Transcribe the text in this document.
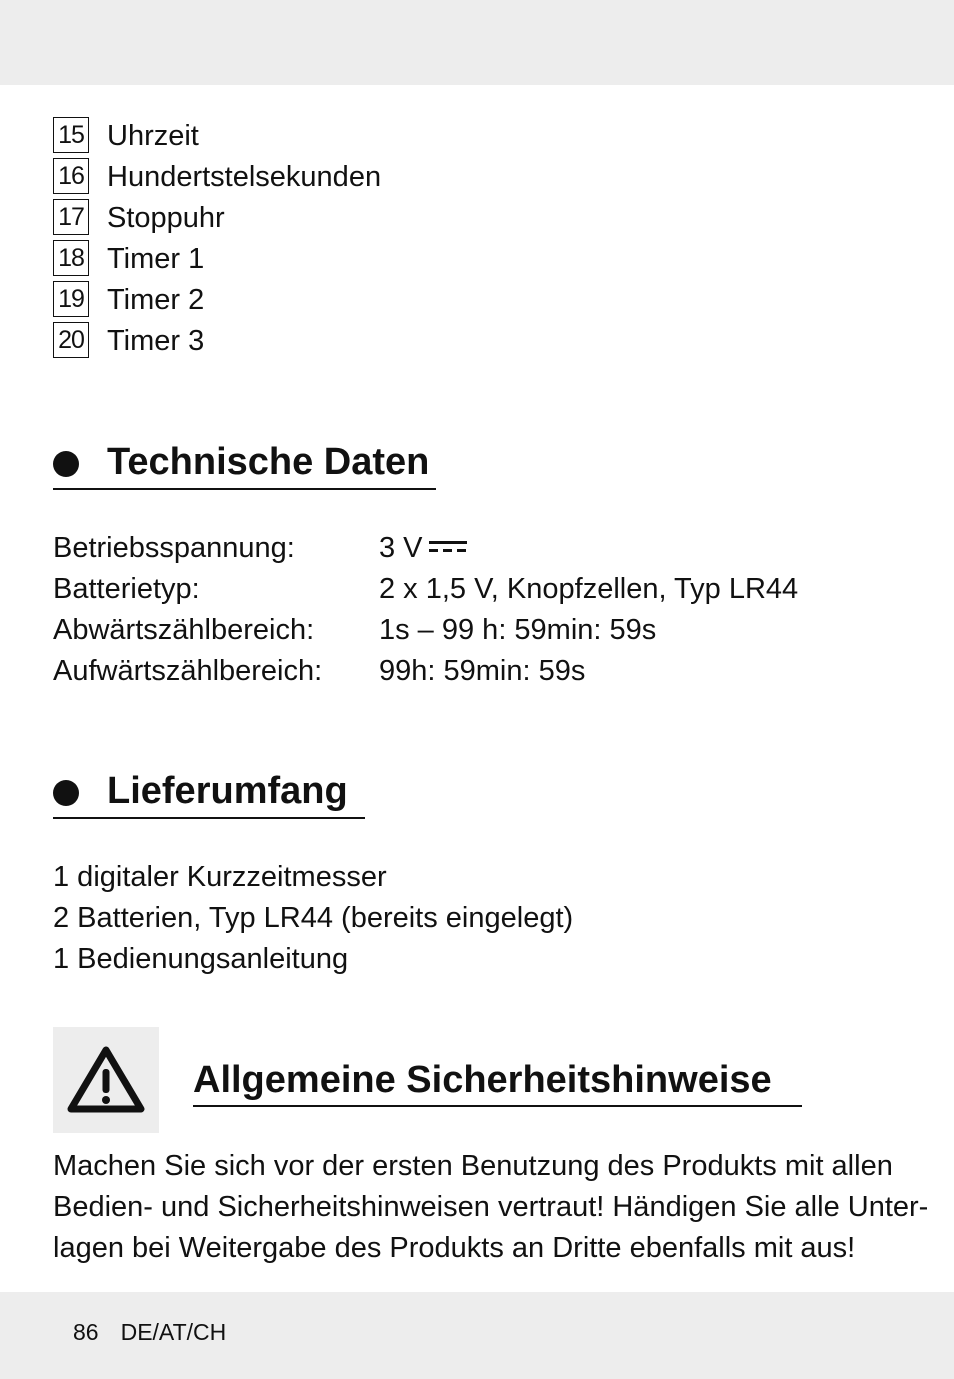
15 Uhrzeit
16 Hundertstelsekunden
17 Stoppuhr
18 Timer 1
19 Timer 2
20 Timer 3
Technische Daten
Betriebsspannung:	3 V
Batterietyp:	2 x 1,5 V, Knopfzellen, Typ LR44
Abwärtszählbereich: 1s – 99 h: 59min: 59s
Aufwärtszählbereich: 99h: 59min: 59s
Lieferumfang
1 digitaler Kurzzeitmesser
2 Batterien, Typ LR44 (bereits eingelegt)
1 Bedienungsanleitung
Allgemeine Sicherheitshinweise
Machen Sie sich vor der ersten Benutzung des Produkts mit allen
Bedien- und Sicherheitshinweisen vertraut! Händigen Sie alle Unter-
lagen bei Weitergabe des Produkts an Dritte ebenfalls mit aus!
86 DE/AT/CH
